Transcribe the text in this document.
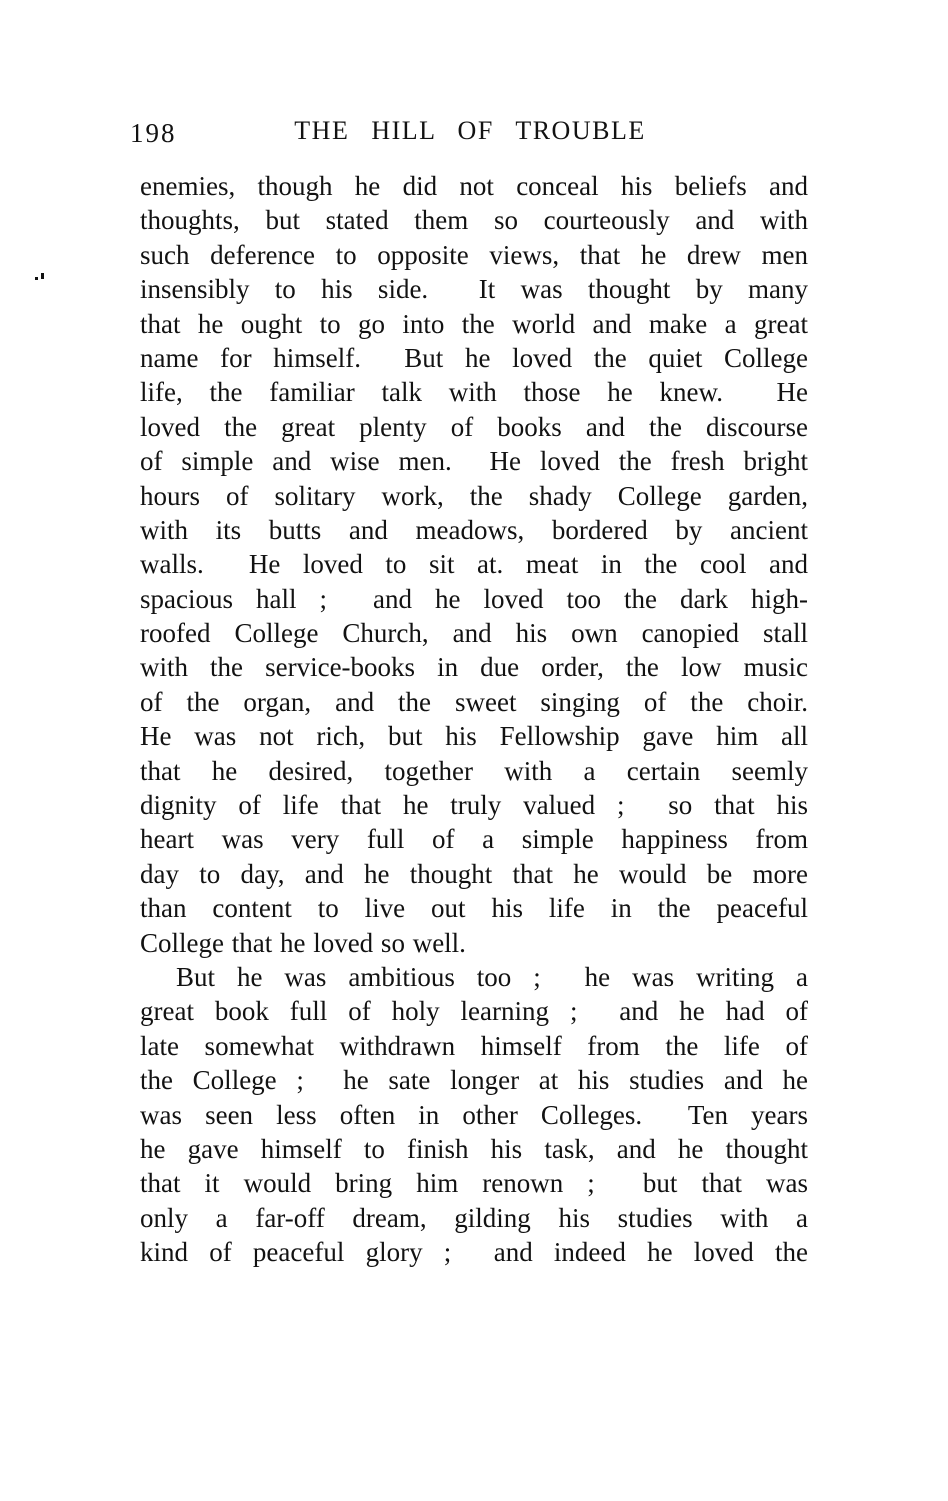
198	THE HILL OF TROUBLE
enemies, though he did not conceal his beliefs and
thoughts, but stated them so courteously and with
such deference to opposite views, that he drew men
insensibly to his side.  It was thought by many
that he ought to go into the world and make a great
name for himself.  But he loved the quiet College
life, the familiar talk with those he knew.  He
loved the great plenty of books and the discourse
of simple and wise men.  He loved the fresh bright
hours of solitary work, the shady College garden,
with its butts and meadows, bordered by ancient
walls.  He loved to sit at. meat in the cool and
spacious hall ;  and he loved too the dark high-
roofed College Church, and his own canopied stall
with the service-books in due order, the low music
of the organ, and the sweet singing of the choir.
He was not rich, but his Fellowship gave him all
that he desired, together with a certain seemly
dignity of life that he truly valued ;  so that his
heart was very full of a simple happiness from
day to day, and he thought that he would be more
than content to live out his life in the peaceful
College that he loved so well.
But he was ambitious too ;  he was writing a
great book full of holy learning ;  and he had of
late somewhat withdrawn himself from the life of
the College ;  he sate longer at his studies and he
was seen less often in other Colleges.  Ten years
he gave himself to finish his task, and he thought
that it would bring him renown ;  but that was
only a far-off dream, gilding his studies with a
kind of peaceful glory ;  and indeed he loved the
